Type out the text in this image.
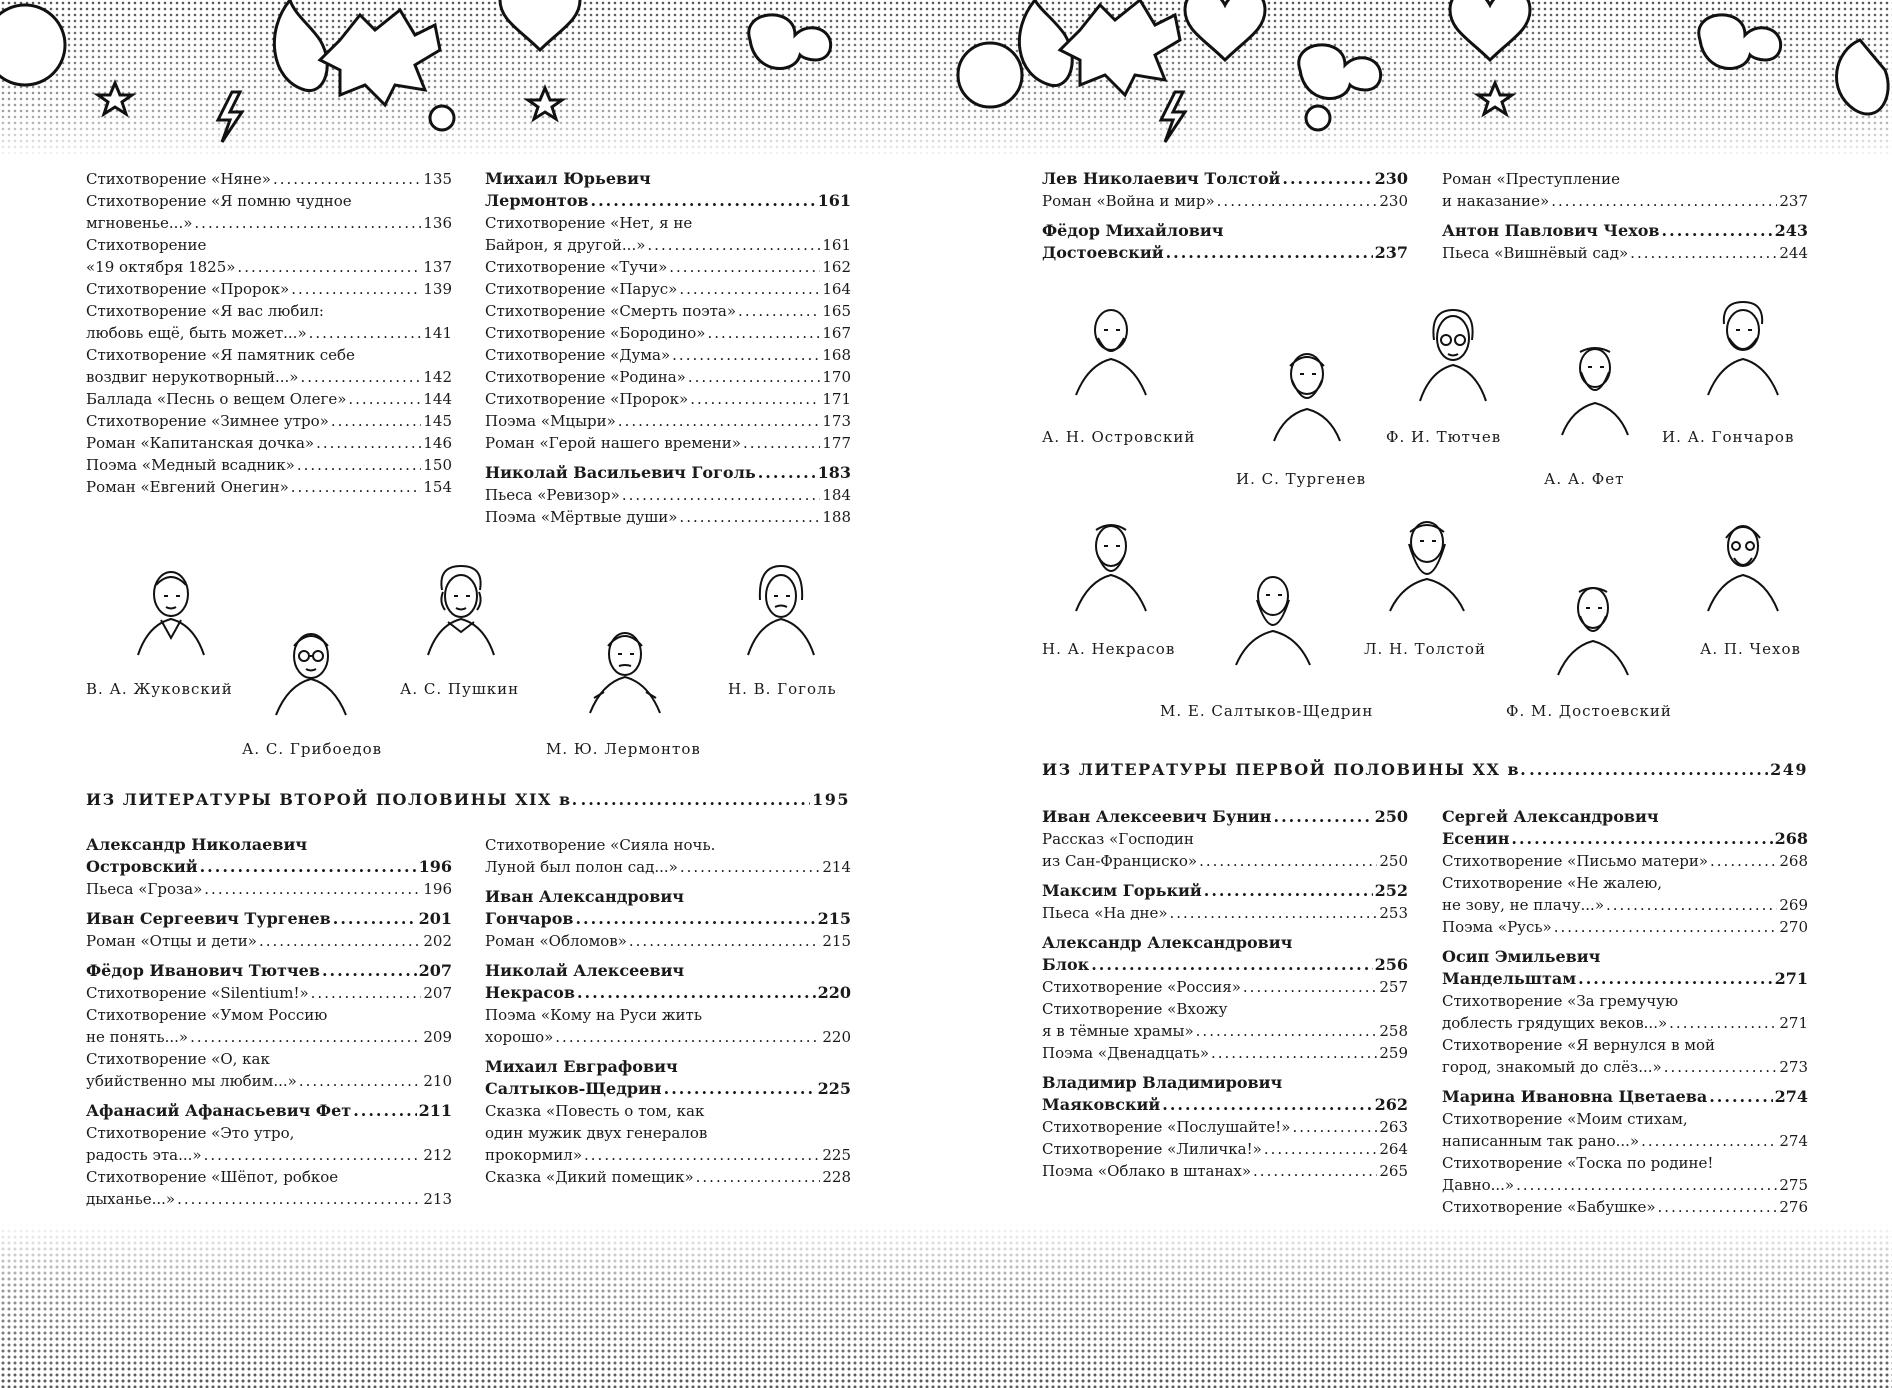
Стихотворение «Няне» .....	135
Стихотворение «Я помню чудное
мгновенье...» .....	136
Стихотворение
«19 октября 1825» .....	137
Стихотворение «Пророк» .....	139
Стихотворение «Я вас любил:
любовь ещё, быть может...» .....	141
Стихотворение «Я памятник себе
воздвиг нерукотворный...» .....	142
Баллада «Песнь о вещем Олеге» .....	144
Стихотворение «Зимнее утро» .....	145
Роман «Капитанская дочка» .....	146
Поэма «Медный всадник» .....	150
Роман «Евгений Онегин» .....	154
Михаил Юрьевич
Лермонтов .....	161
Стихотворение «Нет, я не
Байрон, я другой...» .....	161
Стихотворение «Тучи» .....	162
Стихотворение «Парус» .....	164
Стихотворение «Смерть поэта» .....	165
Стихотворение «Бородино» .....	167
Стихотворение «Дума» .....	168
Стихотворение «Родина» .....	170
Стихотворение «Пророк» .....	171
Поэма «Мцыри» .....	173
Роман «Герой нашего времени» .....	177
Николай Васильевич Гоголь .....	183
Пьеса «Ревизор» .....	184
Поэма «Мёртвые души» .....	188
В. А. Жуковский
А. С. Грибоедов
А. С. Пушкин
М. Ю. Лермонтов
Н. В. Гоголь
ИЗ ЛИТЕРАТУРЫ ВТОРОЙ ПОЛОВИНЫ XIX в. .....	195
Александр Николаевич
Островский .....	196
Пьеса «Гроза» .....	196
Иван Сергеевич Тургенев .....	201
Роман «Отцы и дети» .....	202
Фёдор Иванович Тютчев .....	207
Стихотворение «Silentium!» .....	207
Стихотворение «Умом Россию
не понять...» .....	209
Стихотворение «О, как
убийственно мы любим...» .....	210
Афанасий Афанасьевич Фет .....	211
Стихотворение «Это утро,
радость эта...» .....	212
Стихотворение «Шёпот, робкое
дыханье...» .....	213
Стихотворение «Сияла ночь.
Луной был полон сад...» .....	214
Иван Александрович
Гончаров .....	215
Роман «Обломов» .....	215
Николай Алексеевич
Некрасов .....	220
Поэма «Кому на Руси жить
хорошо» .....	220
Михаил Евграфович
Салтыков-Щедрин .....	225
Сказка «Повесть о том, как
один мужик двух генералов
прокормил» .....	225
Сказка «Дикий помещик» .....	228
Лев Николаевич Толстой .....	230
Роман «Война и мир» .....	230
Фёдор Михайлович
Достоевский .....	237
Роман «Преступление
и наказание» .....	237
Антон Павлович Чехов .....	243
Пьеса «Вишнёвый сад» .....	244
А. Н. Островский
И. С. Тургенев
Ф. И. Тютчев
А. А. Фет
И. А. Гончаров
Н. А. Некрасов
М. Е. Салтыков-Щедрин
Л. Н. Толстой
Ф. М. Достоевский
А. П. Чехов
ИЗ ЛИТЕРАТУРЫ ПЕРВОЙ ПОЛОВИНЫ XX в. .....	249
Иван Алексеевич Бунин .....	250
Рассказ «Господин
из Сан-Франциско» .....	250
Максим Горький .....	252
Пьеса «На дне» .....	253
Александр Александрович
Блок .....	256
Стихотворение «Россия» .....	257
Стихотворение «Вхожу
я в тёмные храмы» .....	258
Поэма «Двенадцать» .....	259
Владимир Владимирович
Маяковский .....	262
Стихотворение «Послушайте!» .....	263
Стихотворение «Лиличка!» .....	264
Поэма «Облако в штанах» .....	265
Сергей Александрович
Есенин .....	268
Стихотворение «Письмо матери» .....	268
Стихотворение «Не жалею,
не зову, не плачу...» .....	269
Поэма «Русь» .....	270
Осип Эмильевич
Мандельштам .....	271
Стихотворение «За гремучую
доблесть грядущих веков...» .....	271
Стихотворение «Я вернулся в мой
город, знакомый до слёз...» .....	273
Марина Ивановна Цветаева .....	274
Стихотворение «Моим стихам,
написанным так рано...» .....	274
Стихотворение «Тоска по родине!
Давно...» .....	275
Стихотворение «Бабушке» .....	276
